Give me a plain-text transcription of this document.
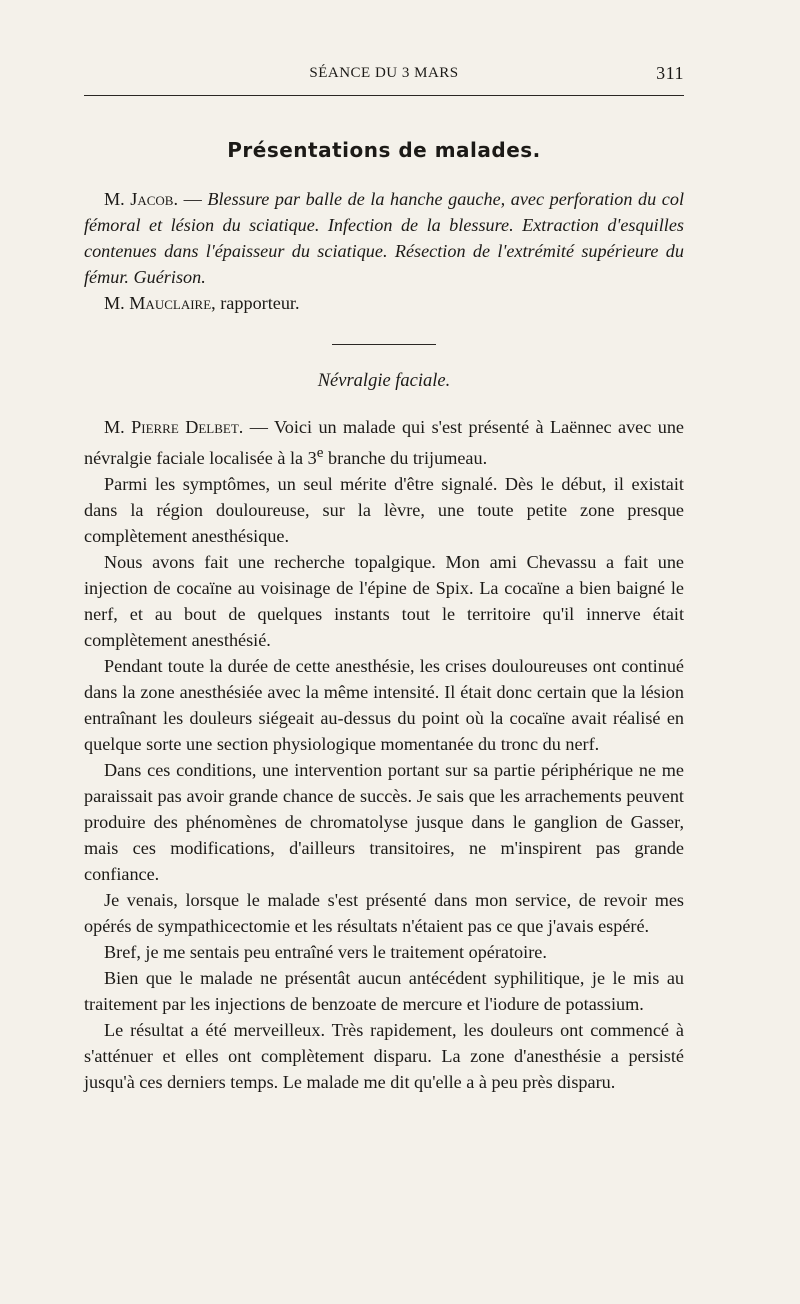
SÉANCE DU 3 MARS	311
Présentations de malades.

M. Jacob. — Blessure par balle de la hanche gauche, avec perforation du col fémoral et lésion du sciatique. Infection de la blessure. Extraction d'esquilles contenues dans l'épaisseur du sciatique. Résection de l'extrémité supérieure du fémur. Guérison.

M. Mauclaire, rapporteur.

Névralgie faciale.

M. Pierre Delbet. — Voici un malade qui s'est présenté à Laënnec avec une névralgie faciale localisée à la 3e branche du trijumeau.

Parmi les symptômes, un seul mérite d'être signalé. Dès le début, il existait dans la région douloureuse, sur la lèvre, une toute petite zone presque complètement anesthésique.

Nous avons fait une recherche topalgique. Mon ami Chevassu a fait une injection de cocaïne au voisinage de l'épine de Spix. La cocaïne a bien baigné le nerf, et au bout de quelques instants tout le territoire qu'il innerve était complètement anesthésié.

Pendant toute la durée de cette anesthésie, les crises douloureuses ont continué dans la zone anesthésiée avec la même intensité. Il était donc certain que la lésion entraînant les douleurs siégeait au-dessus du point où la cocaïne avait réalisé en quelque sorte une section physiologique momentanée du tronc du nerf.

Dans ces conditions, une intervention portant sur sa partie périphérique ne me paraissait pas avoir grande chance de succès. Je sais que les arrachements peuvent produire des phénomènes de chromatolyse jusque dans le ganglion de Gasser, mais ces modifications, d'ailleurs transitoires, ne m'inspirent pas grande confiance.

Je venais, lorsque le malade s'est présenté dans mon service, de revoir mes opérés de sympathicectomie et les résultats n'étaient pas ce que j'avais espéré.

Bref, je me sentais peu entraîné vers le traitement opératoire.

Bien que le malade ne présentât aucun antécédent syphilitique, je le mis au traitement par les injections de benzoate de mercure et l'iodure de potassium.

Le résultat a été merveilleux. Très rapidement, les douleurs ont commencé à s'atténuer et elles ont complètement disparu. La zone d'anesthésie a persisté jusqu'à ces derniers temps. Le malade me dit qu'elle a à peu près disparu.
